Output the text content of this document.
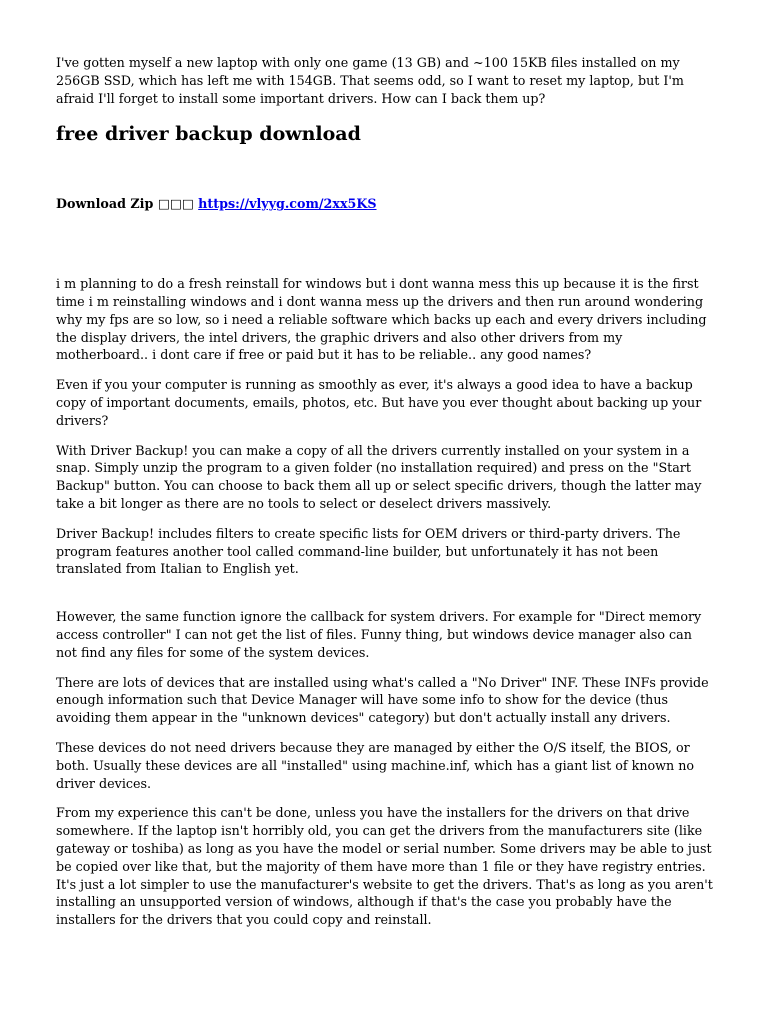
I've gotten myself a new laptop with only one game (13 GB) and ~100 15KB files installed on my 256GB SSD, which has left me with 154GB. That seems odd, so I want to reset my laptop, but I'm afraid I'll forget to install some important drivers. How can I back them up?

free driver backup download
Download Zip □□□ https://vlyyg.com/2xx5KS

i m planning to do a fresh reinstall for windows but i dont wanna mess this up because it is the first time i m reinstalling windows and i dont wanna mess up the drivers and then run around wondering why my fps are so low, so i need a reliable software which backs up each and every drivers including the display drivers, the intel drivers, the graphic drivers and also other drivers from my motherboard.. i dont care if free or paid but it has to be reliable.. any good names?

Even if you your computer is running as smoothly as ever, it's always a good idea to have a backup copy of important documents, emails, photos, etc. But have you ever thought about backing up your drivers?

With Driver Backup! you can make a copy of all the drivers currently installed on your system in a snap. Simply unzip the program to a given folder (no installation required) and press on the "Start Backup" button. You can choose to back them all up or select specific drivers, though the latter may take a bit longer as there are no tools to select or deselect drivers massively.

Driver Backup! includes filters to create specific lists for OEM drivers or third-party drivers. The program features another tool called command-line builder, but unfortunately it has not been translated from Italian to English yet.

However, the same function ignore the callback for system drivers. For example for "Direct memory access controller" I can not get the list of files. Funny thing, but windows device manager also can not find any files for some of the system devices.

There are lots of devices that are installed using what's called a "No Driver" INF. These INFs provide enough information such that Device Manager will have some info to show for the device (thus avoiding them appear in the "unknown devices" category) but don't actually install any drivers.

These devices do not need drivers because they are managed by either the O/S itself, the BIOS, or both. Usually these devices are all "installed" using machine.inf, which has a giant list of known no driver devices.

From my experience this can't be done, unless you have the installers for the drivers on that drive somewhere. If the laptop isn't horribly old, you can get the drivers from the manufacturers site (like gateway or toshiba) as long as you have the model or serial number. Some drivers may be able to just be copied over like that, but the majority of them have more than 1 file or they have registry entries. It's just a lot simpler to use the manufacturer's website to get the drivers. That's as long as you aren't installing an unsupported version of windows, although if that's the case you probably have the installers for the drivers that you could copy and reinstall.
